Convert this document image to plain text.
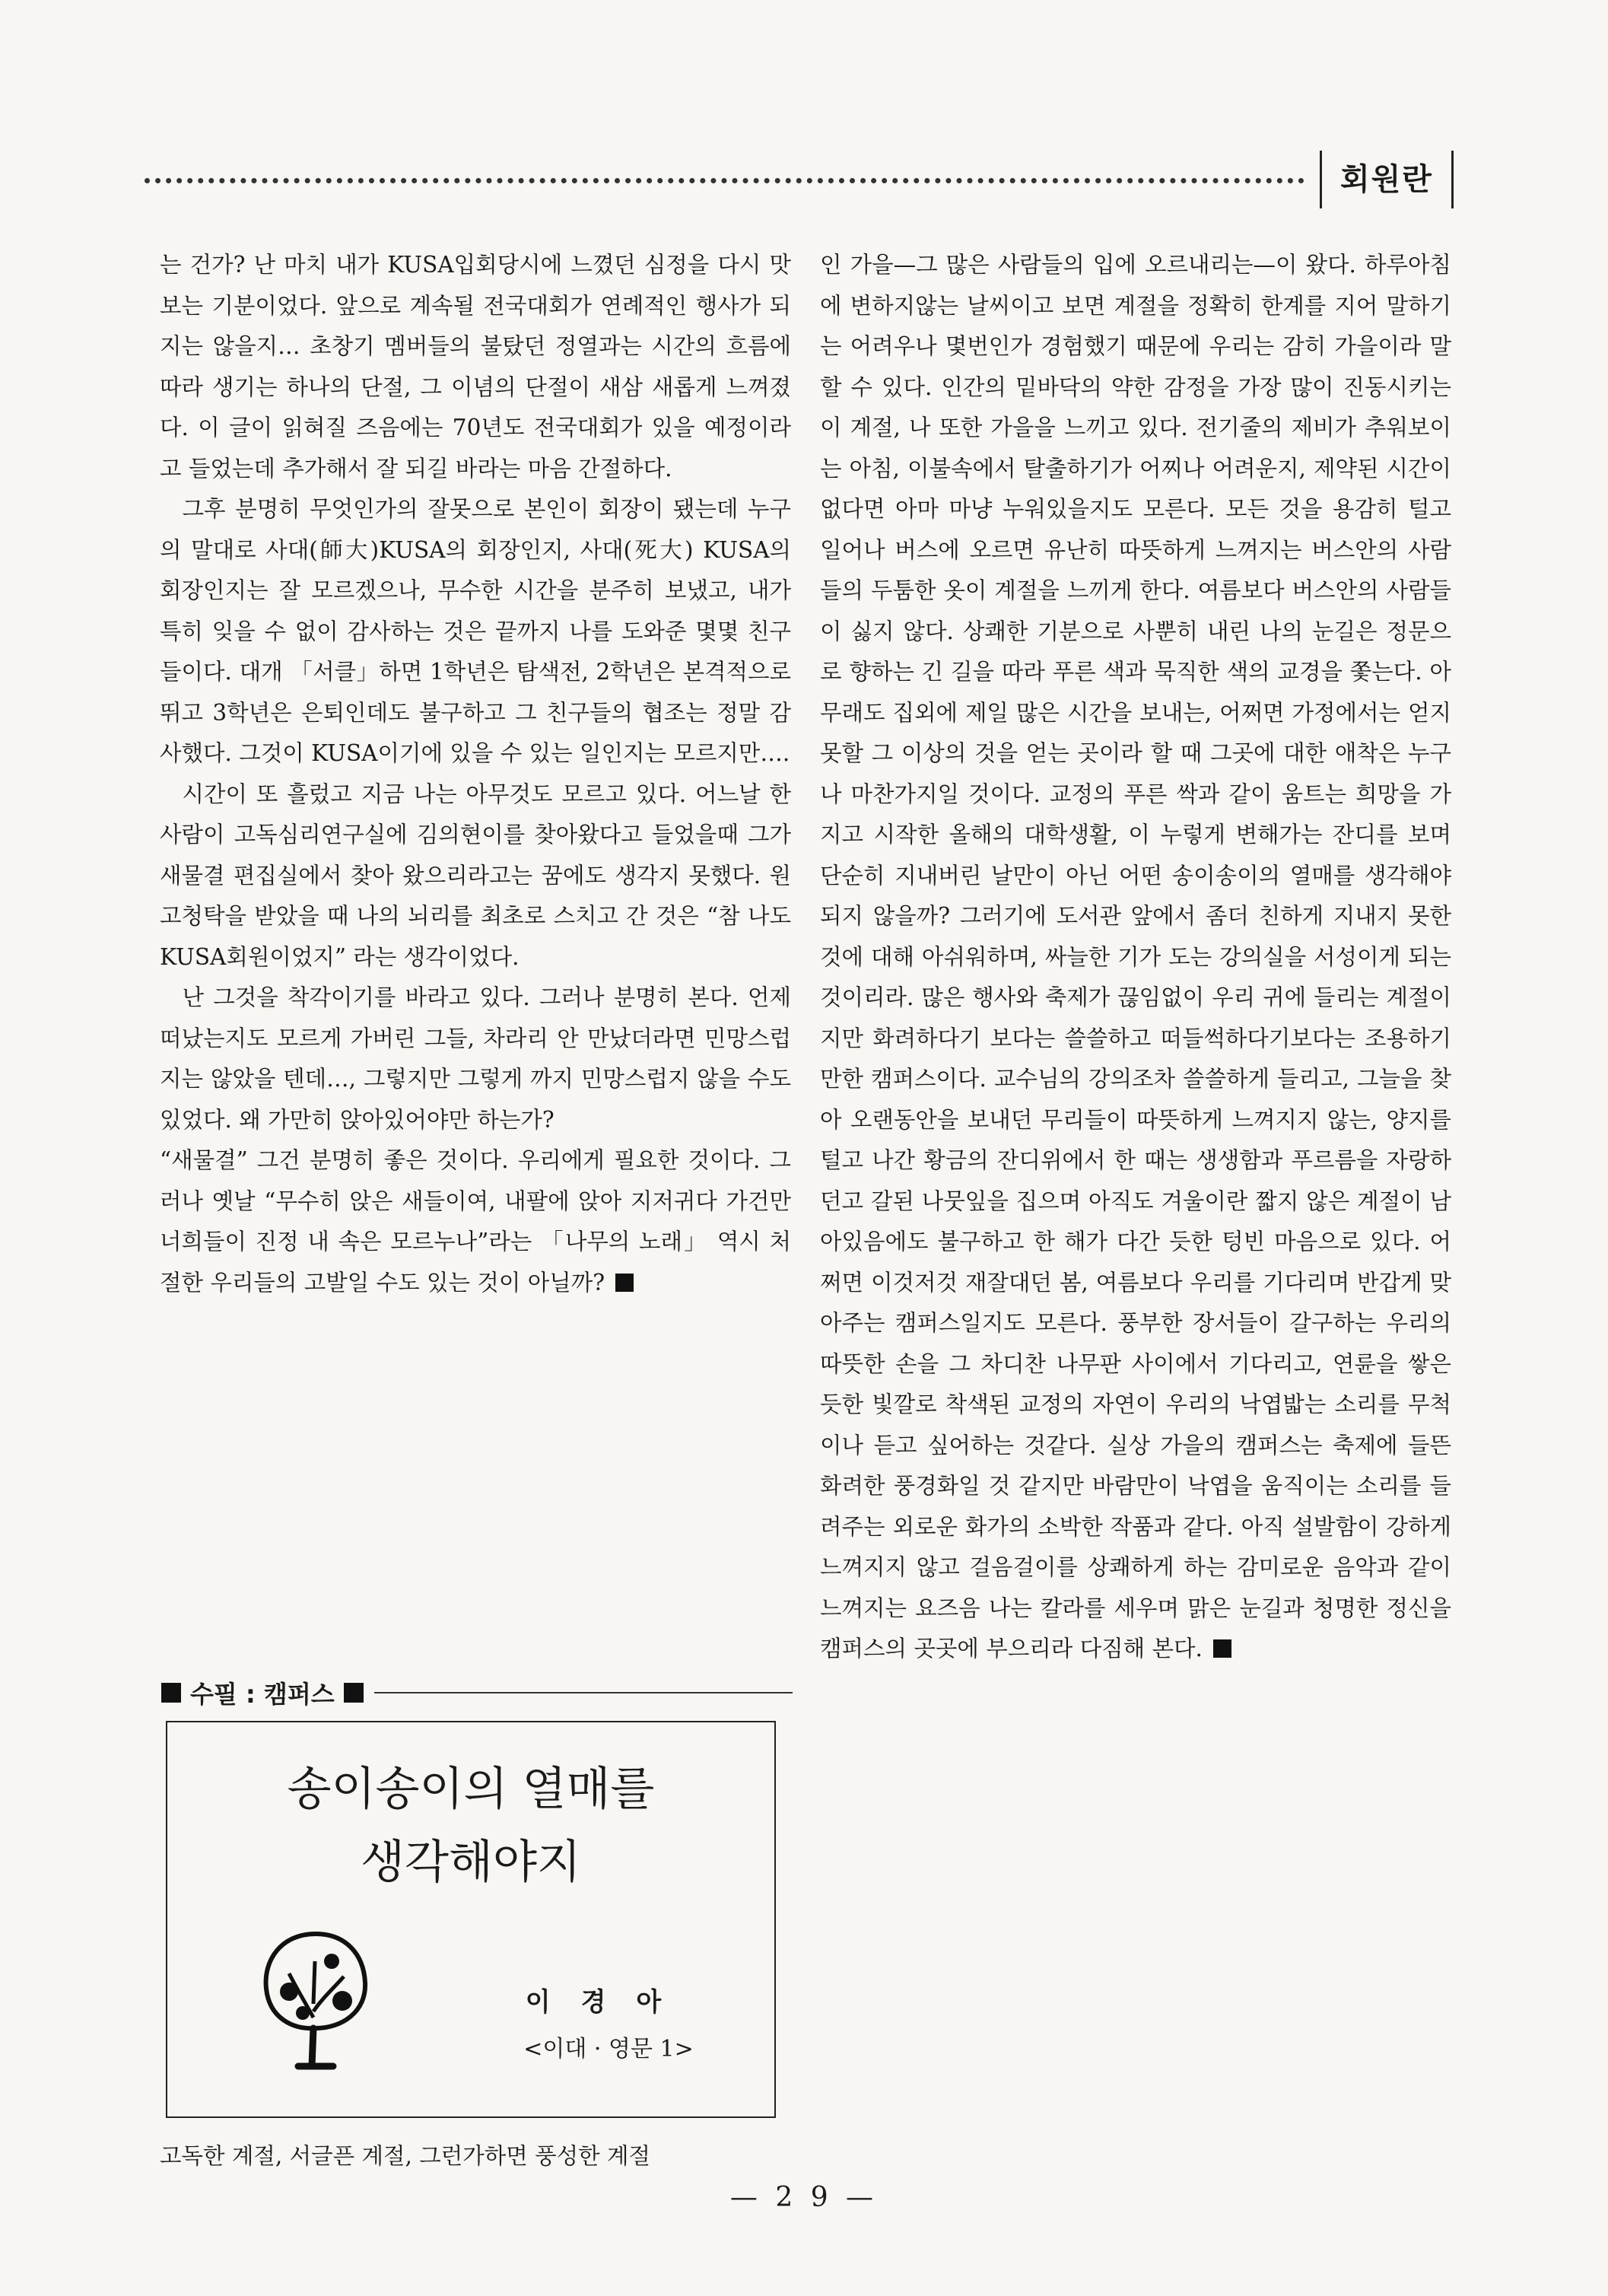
회원란

는 건가? 난 마치 내가 KUSA입회당시에 느꼈던 심정을 다시 맛보는 기분이었다. 앞으로 계속될 전국대회가 연례적인 행사가 되지는 않을지… 초창기 멤버들의 불탔던 정열과는 시간의 흐름에 따라 생기는 하나의 단절, 그 이념의 단절이 새삼 새롭게 느껴졌다. 이 글이 읽혀질 즈음에는 70년도 전국대회가 있을 예정이라고 들었는데 추가해서 잘 되길 바라는 마음 간절하다.

그후 분명히 무엇인가의 잘못으로 본인이 회장이 됐는데 누구의 말대로 사대(師大)KUSA의 회장인지, 사대(死大) KUSA의 회장인지는 잘 모르겠으나, 무수한 시간을 분주히 보냈고, 내가 특히 잊을 수 없이 감사하는 것은 끝까지 나를 도와준 몇몇 친구들이다. 대개 「서클」하면 1학년은 탐색전, 2학년은 본격적으로 뛰고 3학년은 은퇴인데도 불구하고 그 친구들의 협조는 정말 감사했다. 그것이 KUSA이기에 있을 수 있는 일인지는 모르지만….

시간이 또 흘렀고 지금 나는 아무것도 모르고 있다. 어느날 한 사람이 고독심리연구실에 김의현이를 찾아왔다고 들었을때 그가 새물결 편집실에서 찾아 왔으리라고는 꿈에도 생각지 못했다. 원고청탁을 받았을 때 나의 뇌리를 최초로 스치고 간 것은 “참 나도 KUSA회원이었지” 라는 생각이었다.

난 그것을 착각이기를 바라고 있다. 그러나 분명히 본다. 언제 떠났는지도 모르게 가버린 그들, 차라리 안 만났더라면 민망스럽지는 않았을 텐데…, 그렇지만 그렇게 까지 민망스럽지 않을 수도 있었다. 왜 가만히 앉아있어야만 하는가?

“새물결” 그건 분명히 좋은 것이다. 우리에게 필요한 것이다. 그러나 옛날 “무수히 앉은 새들이여, 내팔에 앉아 지저귀다 가건만 너희들이 진정 내 속은 모르누나”라는 「나무의 노래」 역시 처절한 우리들의 고발일 수도 있는 것이 아닐까?

수필 : 캠퍼스
송이송이의 열매를
생각해야지
이경아
<이대 · 영문 1>
고독한 계절, 서글픈 계절, 그런가하면 풍성한 계절

인 가을—그 많은 사람들의 입에 오르내리는—이 왔다. 하루아침에 변하지않는 날씨이고 보면 계절을 정확히 한계를 지어 말하기는 어려우나 몇번인가 경험했기 때문에 우리는 감히 가을이라 말할 수 있다. 인간의 밑바닥의 약한 감정을 가장 많이 진동시키는 이 계절, 나 또한 가을을 느끼고 있다. 전기줄의 제비가 추워보이는 아침, 이불속에서 탈출하기가 어찌나 어려운지, 제약된 시간이 없다면 아마 마냥 누워있을지도 모른다. 모든 것을 용감히 털고 일어나 버스에 오르면 유난히 따뜻하게 느껴지는 버스안의 사람들의 두툼한 옷이 계절을 느끼게 한다. 여름보다 버스안의 사람들이 싫지 않다. 상쾌한 기분으로 사뿐히 내린 나의 눈길은 정문으로 향하는 긴 길을 따라 푸른 색과 묵직한 색의 교경을 쫓는다. 아무래도 집외에 제일 많은 시간을 보내는, 어쩌면 가정에서는 얻지 못할 그 이상의 것을 얻는 곳이라 할 때 그곳에 대한 애착은 누구나 마찬가지일 것이다. 교정의 푸른 싹과 같이 움트는 희망을 가지고 시작한 올해의 대학생활, 이 누렇게 변해가는 잔디를 보며 단순히 지내버린 날만이 아닌 어떤 송이송이의 열매를 생각해야되지 않을까? 그러기에 도서관 앞에서 좀더 친하게 지내지 못한 것에 대해 아쉬워하며, 싸늘한 기가 도는 강의실을 서성이게 되는 것이리라. 많은 행사와 축제가 끊임없이 우리 귀에 들리는 계절이지만 화려하다기 보다는 쓸쓸하고 떠들썩하다기보다는 조용하기만한 캠퍼스이다. 교수님의 강의조차 쓸쓸하게 들리고, 그늘을 찾아 오랜동안을 보내던 무리들이 따뜻하게 느껴지지 않는, 양지를 털고 나간 황금의 잔디위에서 한 때는 생생함과 푸르름을 자랑하던고 갈된 나뭇잎을 집으며 아직도 겨울이란 짧지 않은 계절이 남아있음에도 불구하고 한 해가 다간 듯한 텅빈 마음으로 있다. 어쩌면 이것저것 재잘대던 봄, 여름보다 우리를 기다리며 반갑게 맞아주는 캠퍼스일지도 모른다. 풍부한 장서들이 갈구하는 우리의 따뜻한 손을 그 차디찬 나무판 사이에서 기다리고, 연륜을 쌓은 듯한 빛깔로 착색된 교정의 자연이 우리의 낙엽밟는 소리를 무척이나 듣고 싶어하는 것같다. 실상 가을의 캠퍼스는 축제에 들뜬 화려한 풍경화일 것 같지만 바람만이 낙엽을 움직이는 소리를 들려주는 외로운 화가의 소박한 작품과 같다. 아직 설발함이 강하게 느껴지지 않고 걸음걸이를 상쾌하게 하는 감미로운 음악과 같이 느껴지는 요즈음 나는 칼라를 세우며 맑은 눈길과 청명한 정신을 캠퍼스의 곳곳에 부으리라 다짐해 본다.

— 2 9 —
